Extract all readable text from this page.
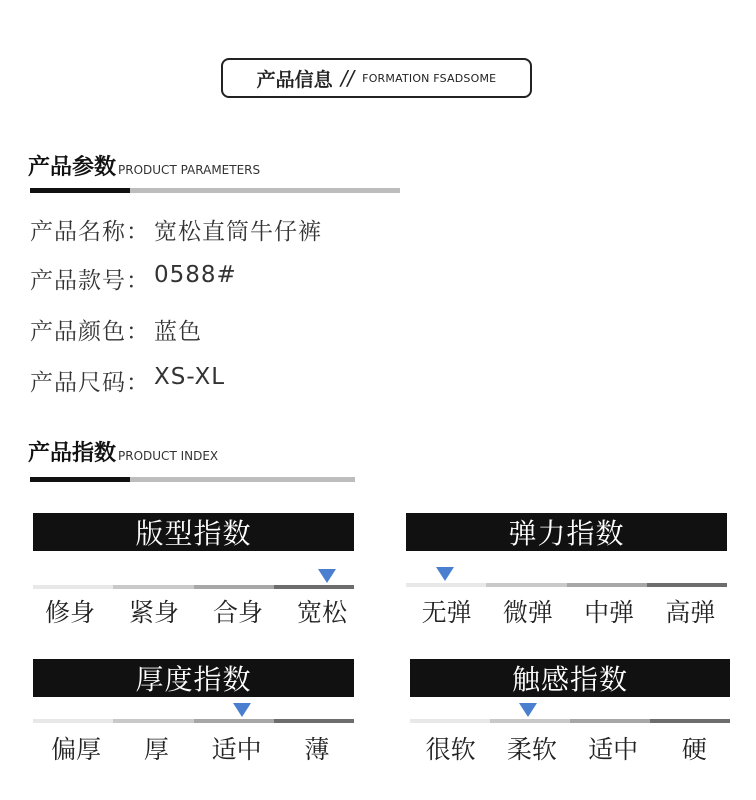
产品信息 // FORMATION FSADSOME
产品参数 PRODUCT PARAMETERS
产品名称： 宽松直筒牛仔裤
产品款号： 0588#
产品颜色： 蓝色
产品尺码： XS-XL
产品指数 PRODUCT INDEX
版型指数
修身	紧身	合身	宽松
弹力指数
无弹	微弹	中弹	高弹
厚度指数
偏厚	厚	适中	薄
触感指数
很软	柔软	适中	硬
